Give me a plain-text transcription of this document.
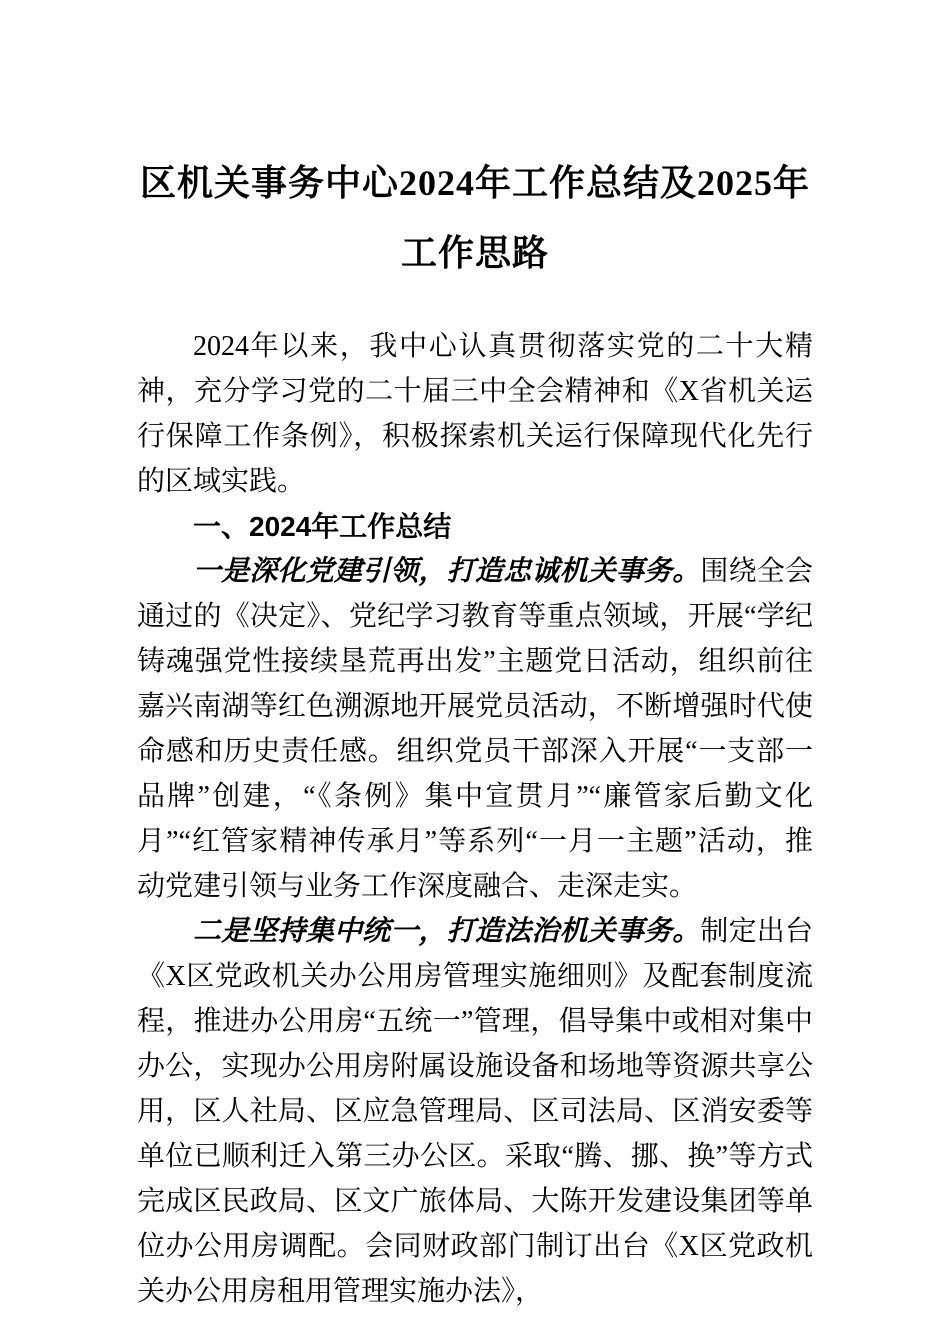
区机关事务中心2024年工作总结及2025年工作思路

2024年以来，我中心认真贯彻落实党的二十大精神，充分学习党的二十届三中全会精神和《X省机关运行保障工作条例》，积极探索机关运行保障现代化先行的区域实践。

一、2024年工作总结

一是深化党建引领，打造忠诚机关事务。围绕全会通过的《决定》、党纪学习教育等重点领域，开展“学纪铸魂强党性接续垦荒再出发”主题党日活动，组织前往嘉兴南湖等红色溯源地开展党员活动，不断增强时代使命感和历史责任感。组织党员干部深入开展“一支部一品牌”创建，“《条例》集中宣贯月”“廉管家后勤文化月”“红管家精神传承月”等系列“一月一主题”活动，推动党建引领与业务工作深度融合、走深走实。

二是坚持集中统一，打造法治机关事务。制定出台《X区党政机关办公用房管理实施细则》及配套制度流程，推进办公用房“五统一”管理，倡导集中或相对集中办公，实现办公用房附属设施设备和场地等资源共享公用，区人社局、区应急管理局、区司法局、区消安委等单位已顺利迁入第三办公区。采取“腾、挪、换”等方式完成区民政局、区文广旅体局、大陈开发建设集团等单位办公用房调配。会同财政部门制订出台《X区党政机关办公用房租用管理实施办法》，
